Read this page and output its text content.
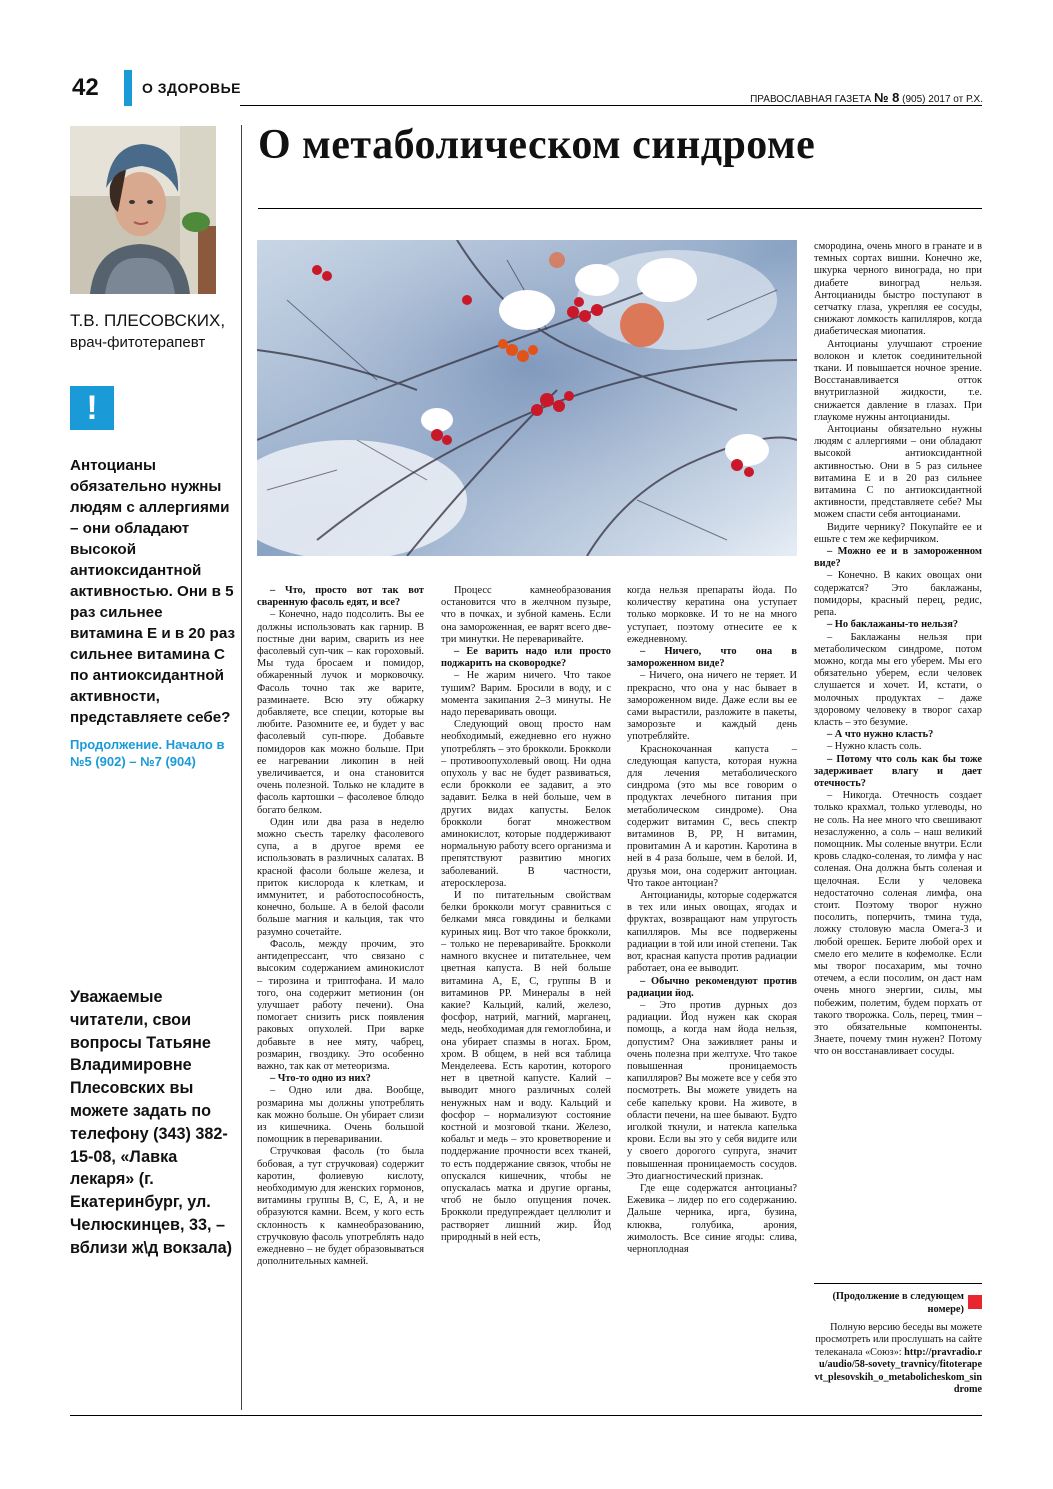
42	О ЗДОРОВЬЕ
ПРАВОСЛАВНАЯ ГАЗЕТА № 8 (905) 2017 от Р.Х.
Т.В. ПЛЕСОВСКИХ,
врач-фитотерапевт
!
Антоцианы обязательно нужны людям с аллергиями – они обладают высокой антиоксидантной активностью. Они в 5 раз сильнее витамина Е и в 20 раз сильнее витамина С по антиоксидантной активности, представляете себе?
Продолжение. Начало в №5 (902) – №7 (904)
Уважаемые читатели, свои вопросы Татьяне Владимировне Плесовских вы можете задать по телефону (343) 382-15-08, «Лавка лекаря» (г. Екатеринбург, ул. Челюскинцев, 33, – вблизи ж\д вокзала)
О метаболическом синдроме

– Что, просто вот так вот сваренную фасоль едят, и все?

– Конечно, надо подсолить. Вы ее должны использовать как гарнир. В постные дни варим, сварить из нее фасолевый суп-чик – как гороховый. Мы туда бросаем и помидор, обжаренный лучок и морковочку. Фасоль точно так же варите, разминаете. Всю эту обжарку добавляете, все специи, которые вы любите. Разомните ее, и будет у вас фасолевый суп-пюре. Добавьте помидоров как можно больше. При ее нагревании ликопин в ней увеличивается, и она становится очень полезной. Только не кладите в фасоль картошки – фасолевое блюдо богато белком.

Один или два раза в неделю можно съесть тарелку фасолевого супа, а в другое время ее использовать в различных салатах. В красной фасоли больше железа, и приток кислорода к клеткам, и иммунитет, и работоспособность, конечно, больше. А в белой фасоли больше магния и кальция, так что разумно сочетайте.

Фасоль, между прочим, это антидепрессант, что связано с высоким содержанием аминокислот – тирозина и триптофана. И мало того, она содержит метионин (он улучшает работу печени). Она помогает снизить риск появления раковых опухолей. При варке добавьте в нее мяту, чабрец, розмарин, гвоздику. Это особенно важно, так как от метеоризма.

– Что-то одно из них?

– Одно или два. Вообще, розмарина мы должны употреблять как можно больше. Он убирает слизи из кишечника. Очень большой помощник в переваривании.

Стручковая фасоль (то была бобовая, а тут стручковая) содержит каротин, фолиевую кислоту, необходимую для женских гормонов, витамины группы В, С, Е, А, и не образуются камни. Всем, у кого есть склонность к камнеобразованию, стручковую фасоль употреблять надо ежедневно – не будет образовываться дополнительных камней.

Процесс камнеобразования остановится что в желчном пузыре, что в почках, и зубной камень. Если она замороженная, ее варят всего две-три минутки. Не переваривайте.

– Ее варить надо или просто поджарить на сковородке?

– Не жарим ничего. Что такое тушим? Варим. Бросили в воду, и с момента закипания 2–3 минуты. Не надо переваривать овощи.

Следующий овощ просто нам необходимый, ежедневно его нужно употреблять – это брокколи. Брокколи – противоопухолевый овощ. Ни одна опухоль у вас не будет развиваться, если брокколи ее задавит, а это задавит. Белка в ней больше, чем в других видах капусты. Белок брокколи богат множеством аминокислот, которые поддерживают нормальную работу всего организма и препятствуют развитию многих заболеваний. В частности, атеросклероза.

И по питательным свойствам белки брокколи могут сравниться с белками мяса говядины и белками куриных яиц. Вот что такое брокколи, – только не переваривайте. Брокколи намного вкуснее и питательнее, чем цветная капуста. В ней больше витамина А, Е, С, группы В и витаминов РР. Минералы в ней какие? Кальций, калий, железо, фосфор, натрий, магний, марганец, медь, необходимая для гемоглобина, и она убирает спазмы в ногах. Бром, хром. В общем, в ней вся таблица Менделеева. Есть каротин, которого нет в цветной капусте. Калий – выводит много различных солей ненужных нам и воду. Кальций и фосфор – нормализуют состояние костной и мозговой ткани. Железо, кобальт и медь – это кроветворение и поддержание прочности всех тканей, то есть поддержание связок, чтобы не опускался кишечник, чтобы не опускалась матка и другие органы, чтоб не было опущения почек. Брокколи предупреждает целлюлит и растворяет лишний жир. Йод природный в ней есть,

когда нельзя препараты йода. По количеству кератина она уступает только морковке. И то не на много уступает, поэтому отнесите ее к ежедневному.

– Ничего, что она в замороженном виде?

– Ничего, она ничего не теряет. И прекрасно, что она у нас бывает в замороженном виде. Даже если вы ее сами вырастили, разложите в пакеты, заморозьте и каждый день употребляйте.

Краснокочанная капуста – следующая капуста, которая нужна для лечения метаболического синдрома (это мы все говорим о продуктах лечебного питания при метаболическом синдроме). Она содержит витамин С, весь спектр витаминов В, РР, Н витамин, провитамин А и каротин. Каротина в ней в 4 раза больше, чем в белой. И, друзья мои, она содержит антоциан. Что такое антоциан?

Антоцианиды, которые содержатся в тех или иных овощах, ягодах и фруктах, возвращают нам упругость капилляров. Мы все подвержены радиации в той или иной степени. Так вот, красная капуста против радиации работает, она ее выводит.

– Обычно рекомендуют против радиации йод.

– Это против дурных доз радиации. Йод нужен как скорая помощь, а когда нам йода нельзя, допустим? Она заживляет раны и очень полезна при желтухе. Что такое повышенная проницаемость капилляров? Вы можете все у себя это посмотреть. Вы можете увидеть на себе капельку крови. На животе, в области печени, на шее бывают. Будто иголкой ткнули, и натекла капелька крови. Если вы это у себя видите или у своего дорогого супруга, значит повышенная проницаемость сосудов. Это диагностический признак.

Где еще содержатся антоцианы? Ежевика – лидер по его содержанию. Дальше черника, ирга, бузина, клюква, голубика, арония, жимолость. Все синие ягоды: слива, черноплодная

смородина, очень много в гранате и в темных сортах вишни. Конечно же, шкурка черного винограда, но при диабете виноград нельзя. Антоцианиды быстро поступают в сетчатку глаза, укрепляя ее сосуды, снижают ломкость капилляров, когда диабетическая миопатия.

Антоцианы улучшают строение волокон и клеток соединительной ткани. И повышается ночное зрение. Восстанавливается отток внутриглазной жидкости, т.е. снижается давление в глазах. При глаукоме нужны антоцианиды.

Антоцианы обязательно нужны людям с аллергиями – они обладают высокой антиоксидантной активностью. Они в 5 раз сильнее витамина Е и в 20 раз сильнее витамина С по антиоксидантной активности, представляете себе? Мы можем спасти себя антоцианами.

Видите чернику? Покупайте ее и ешьте с тем же кефирчиком.

– Можно ее и в замороженном виде?

– Конечно. В каких овощах они содержатся? Это баклажаны, помидоры, красный перец, редис, репа.

– Но баклажаны-то нельзя?

– Баклажаны нельзя при метаболическом синдроме, потом можно, когда мы его уберем. Мы его обязательно уберем, если человек слушается и хочет. И, кстати, о молочных продуктах – даже здоровому человеку в творог сахар класть – это безумие.

– А что нужно класть?

– Нужно класть соль.

– Потому что соль как бы тоже задерживает влагу и дает отечность?

– Никогда. Отечность создает только крахмал, только углеводы, но не соль. На нее много что свешивают незаслуженно, а соль – наш великий помощник. Мы соленые внутри. Если кровь сладко-соленая, то лимфа у нас соленая. Она должна быть соленая и щелочная. Если у человека недостаточно соленая лимфа, она стоит. Поэтому творог нужно посолить, поперчить, тмина туда, ложку столовую масла Омега-3 и любой орешек. Берите любой орех и смело его мелите в кофемолке. Если мы творог посахарим, мы точно отечем, а если посолим, он даст нам очень много энергии, силы, мы побежим, полетим, будем порхать от такого творожка. Соль, перец, тмин – это обязательные компоненты. Знаете, почему тмин нужен? Потому что он восстанавливает сосуды.

(Продолжение в следующем номере)
Полную версию беседы вы можете просмотреть или прослушать на сайте телеканала «Союз»: http://pravradio.ru/audio/58-sovety_travnicy/fitoterapevt_plesovskih_o_metabolicheskom_sindrome
